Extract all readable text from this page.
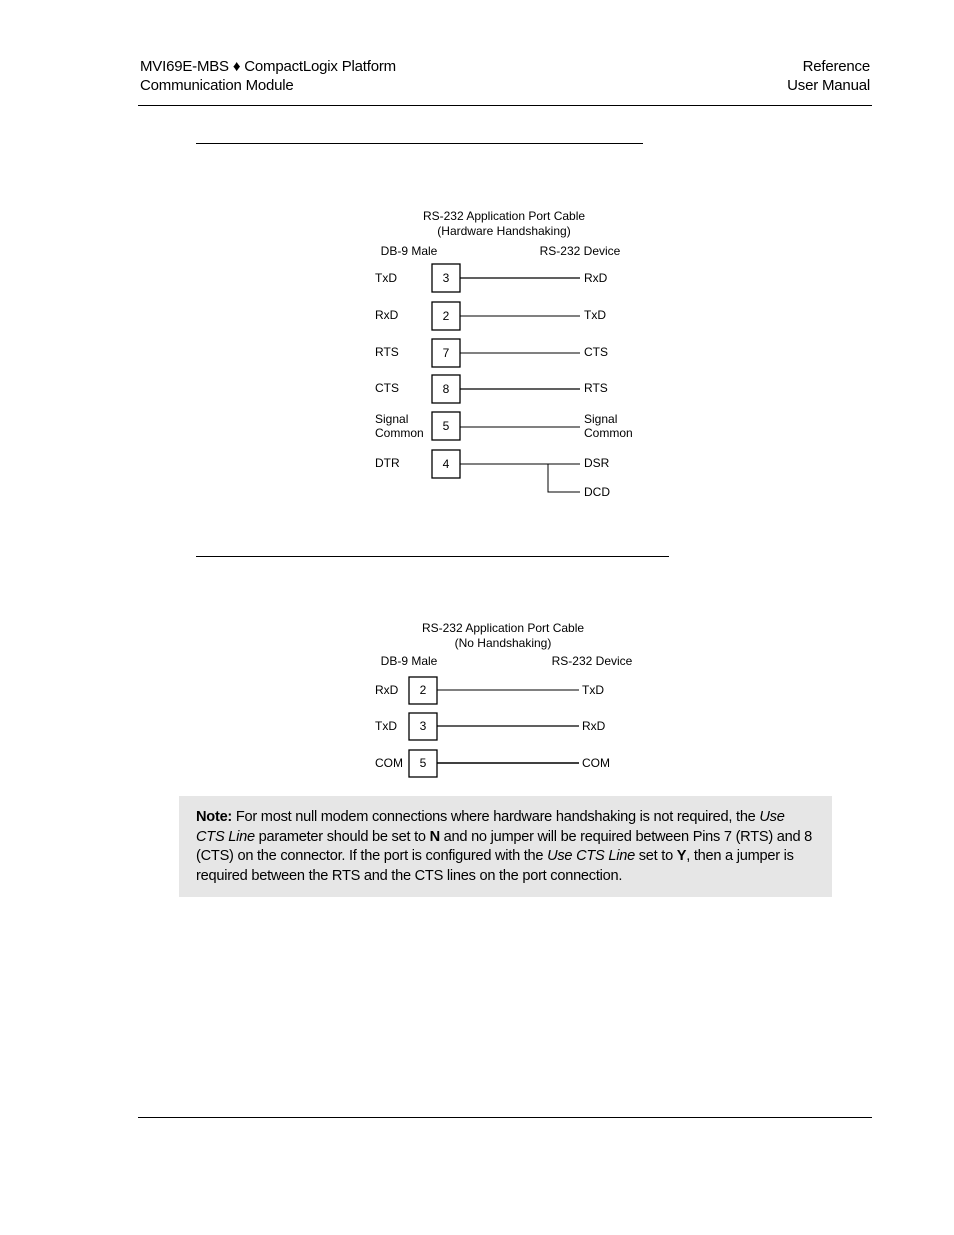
MVI69E-MBS ♦ CompactLogix Platform
Communication Module
Reference
User Manual
RS-232 Application Port Cable
(Hardware Handshaking)
DB-9 Male	RS-232 Device
TxD	3	RxD
RxD	2	TxD
RTS	7	CTS
CTS	8	RTS
Signal
Common 5	Signal
Common
DTR	4	DSR
DCD
RS-232 Application Port Cable
(No Handshaking)
DB-9 Male	RS-232 Device
RxD 2	TxD
TxD 3	RxD
COM 5	COM
Note: For most null modem connections where hardware handshaking is not required, the Use CTS Line parameter should be set to N and no jumper will be required between Pins 7 (RTS) and 8 (CTS) on the connector. If the port is configured with the Use CTS Line set to Y, then a jumper is required between the RTS and the CTS lines on the port connection.
